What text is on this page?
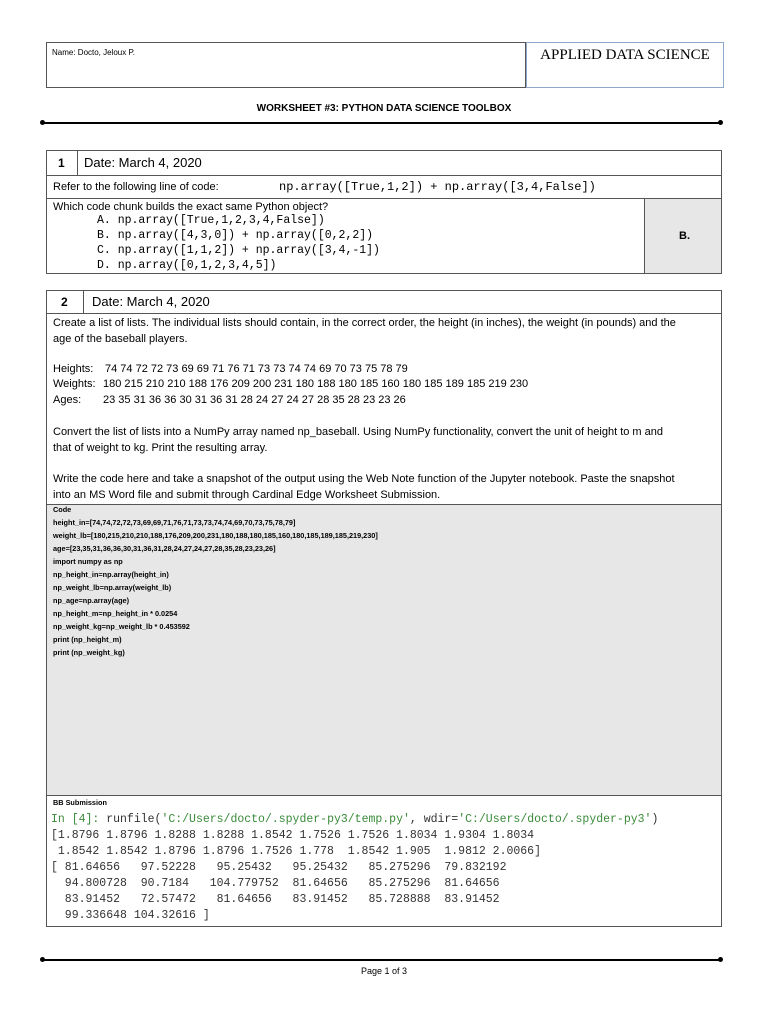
Name: Docto, Jeloux P.	APPLIED DATA SCIENCE
WORKSHEET #3: PYTHON DATA SCIENCE TOOLBOX
1 Date: March 4, 2020
Refer to the following line of code:	np.array([True,1,2]) + np.array([3,4,False])
Which code chunk builds the exact same Python object?
A. np.array([True,1,2,3,4,False])
B. np.array([4,3,0]) + np.array([0,2,2])
C. np.array([1,1,2]) + np.array([3,4,-1])
D. np.array([0,1,2,3,4,5])
B.
2 Date: March 4, 2020
Create a list of lists. The individual lists should contain, in the correct order, the height (in inches), the weight (in pounds) and the
age of the baseball players.
Heights: 74 74 72 72 73 69 69 71 76 71 73 73 74 74 69 70 73 75 78 79
Weights: 180 215 210 210 188 176 209 200 231 180 188 180 185 160 180 185 189 185 219 230
Ages: 23 35 31 36 36 30 31 36 31 28 24 27 24 27 28 35 28 23 23 26
Convert the list of lists into a NumPy array named np_baseball. Using NumPy functionality, convert the unit of height to m and
that of weight to kg. Print the resulting array.
Write the code here and take a snapshot of the output using the Web Note function of the Jupyter notebook. Paste the snapshot
into an MS Word file and submit through Cardinal Edge Worksheet Submission.
Code
height_in=[74,74,72,72,73,69,69,71,76,71,73,73,74,74,69,70,73,75,78,79]
weight_lb=[180,215,210,210,188,176,209,200,231,180,188,180,185,160,180,185,189,185,219,230]
age=[23,35,31,36,36,30,31,36,31,28,24,27,24,27,28,35,28,23,23,26]
import numpy as np
np_height_in=np.array(height_in)
np_weight_lb=np.array(weight_lb)
np_age=np.array(age)
np_height_m=np_height_in * 0.0254
np_weight_kg=np_weight_lb * 0.453592
print (np_height_m)
print (np_weight_kg)
BB Submission
In [4]: runfile('C:/Users/docto/.spyder-py3/temp.py', wdir='C:/Users/docto/.spyder-py3')
[1.8796 1.8796 1.8288 1.8288 1.8542 1.7526 1.7526 1.8034 1.9304 1.8034
1.8542 1.8542 1.8796 1.8796 1.7526 1.778  1.8542 1.905  1.9812 2.0066]
[ 81.64656   97.52228   95.25432   95.25432   85.275296  79.832192
94.800728  90.7184   104.779752  81.64656   85.275296  81.64656
83.91452   72.57472   81.64656   83.91452   85.728888  83.91452
99.336648 104.32616 ]
Page 1 of 3
